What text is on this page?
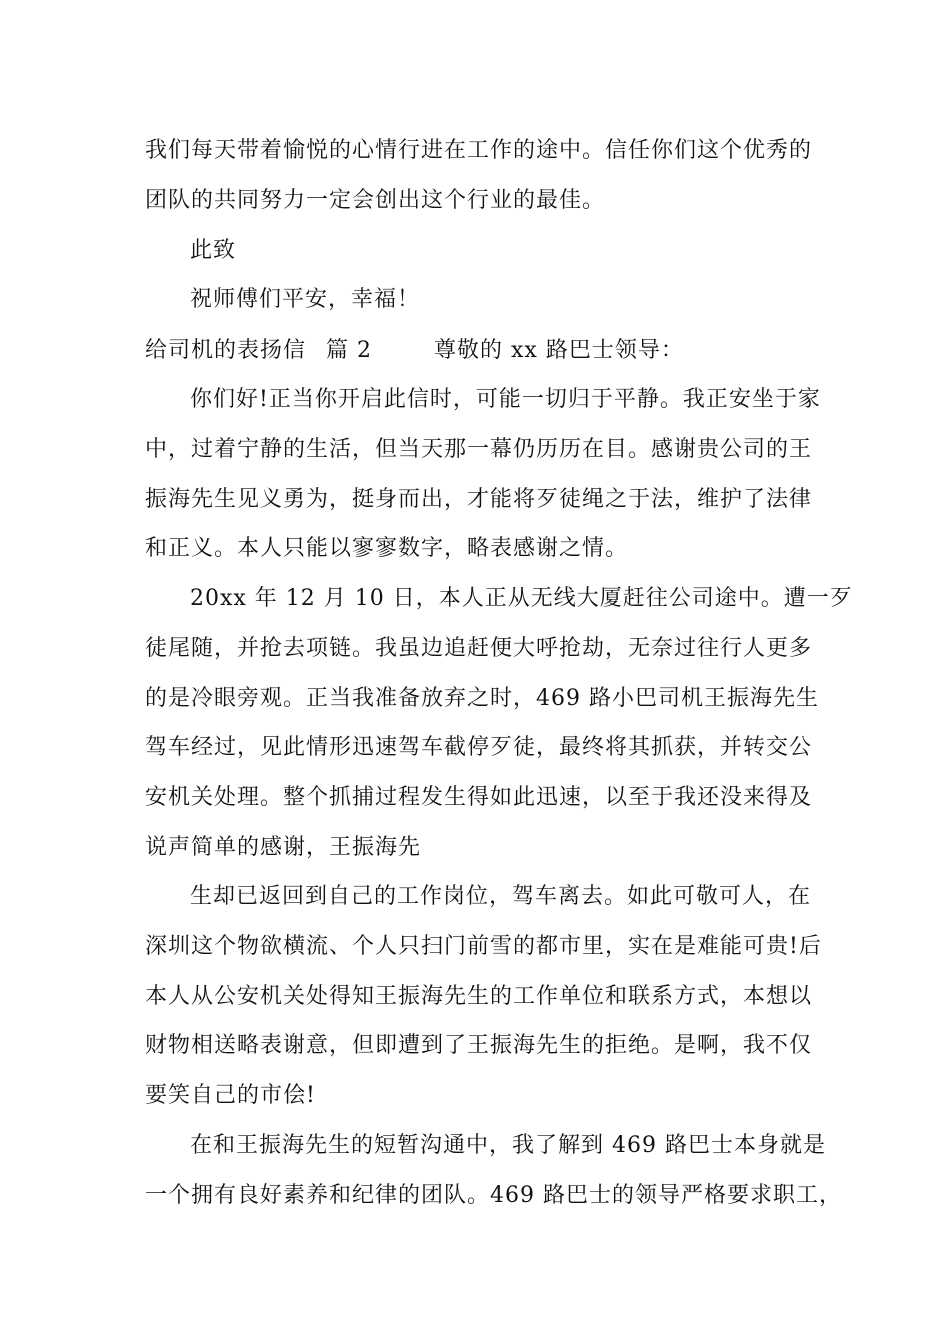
我们每天带着愉悦的心情行进在工作的途中。信任你们这个优秀的
团队的共同努力一定会创出这个行业的最佳。
此致
祝师傅们平安，幸福！
给司机的表扬信 篇 2	尊敬的 xx 路巴士领导：
你们好!正当你开启此信时，可能一切归于平静。我正安坐于家
中，过着宁静的生活，但当天那一幕仍历历在目。感谢贵公司的王
振海先生见义勇为，挺身而出，才能将歹徒绳之于法，维护了法律
和正义。本人只能以寥寥数字，略表感谢之情。
20xx 年 12 月 10 日，本人正从无线大厦赶往公司途中。遭一歹
徒尾随，并抢去项链。我虽边追赶便大呼抢劫，无奈过往行人更多
的是冷眼旁观。正当我准备放弃之时，469 路小巴司机王振海先生
驾车经过，见此情形迅速驾车截停歹徒，最终将其抓获，并转交公
安机关处理。整个抓捕过程发生得如此迅速，以至于我还没来得及
说声简单的感谢，王振海先
生却已返回到自己的工作岗位，驾车离去。如此可敬可人，在
深圳这个物欲横流、个人只扫门前雪的都市里，实在是难能可贵!后
本人从公安机关处得知王振海先生的工作单位和联系方式，本想以
财物相送略表谢意，但即遭到了王振海先生的拒绝。是啊，我不仅
要笑自己的市侩!
在和王振海先生的短暂沟通中，我了解到 469 路巴士本身就是
一个拥有良好素养和纪律的团队。469 路巴士的领导严格要求职工，
